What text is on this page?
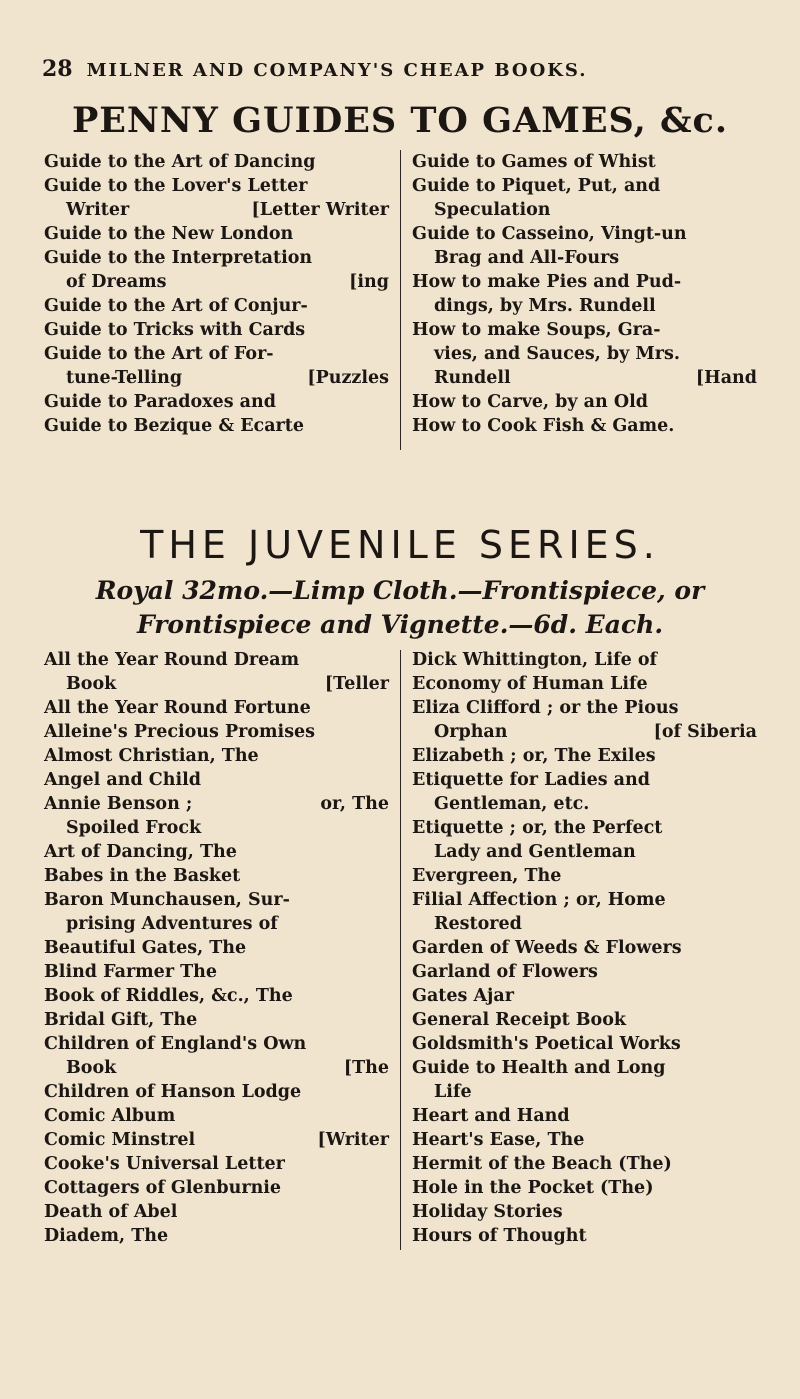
28 MILNER AND COMPANY'S CHEAP BOOKS.
PENNY GUIDES TO GAMES, &c.
Guide to the Art of Dancing
Guide to the Lover's Letter
Writer	[Letter Writer
Guide to the New London
Guide to the Interpretation
of Dreams	[ing
Guide to the Art of Conjur-
Guide to Tricks with Cards
Guide to the Art of For-
tune-Telling	[Puzzles
Guide to Paradoxes and
Guide to Bezique & Ecarte
Guide to Games of Whist
Guide to Piquet, Put, and
Speculation
Guide to Casseino, Vingt-un
Brag and All-Fours
How to make Pies and Pud-
dings, by Mrs. Rundell
How to make Soups, Gra-
vies, and Sauces, by Mrs.
Rundell	[Hand
How to Carve, by an Old
How to Cook Fish & Game.
THE JUVENILE SERIES.
Royal 32mo.—Limp Cloth.—Frontispiece, or
Frontispiece and Vignette.—6d. Each.
All the Year Round Dream
Book	[Teller
All the Year Round Fortune
Alleine's Precious Promises
Almost Christian, The
Angel and Child
Annie Benson ;	or, The
Spoiled Frock
Art of Dancing, The
Babes in the Basket
Baron Munchausen, Sur-
prising Adventures of
Beautiful Gates, The
Blind Farmer The
Book of Riddles, &c., The
Bridal Gift, The
Children of England's Own
Book	[The
Children of Hanson Lodge
Comic Album
Comic Minstrel	[Writer
Cooke's Universal Letter
Cottagers of Glenburnie
Death of Abel
Diadem, The
Dick Whittington, Life of
Economy of Human Life
Eliza Clifford ; or the Pious
Orphan	[of Siberia
Elizabeth ; or, The Exiles
Etiquette for Ladies and
Gentleman, etc.
Etiquette ; or, the Perfect
Lady and Gentleman
Evergreen, The
Filial Affection ; or, Home
Restored
Garden of Weeds & Flowers
Garland of Flowers
Gates Ajar
General Receipt Book
Goldsmith's Poetical Works
Guide to Health and Long
Life
Heart and Hand
Heart's Ease, The
Hermit of the Beach (The)
Hole in the Pocket (The)
Holiday Stories
Hours of Thought
